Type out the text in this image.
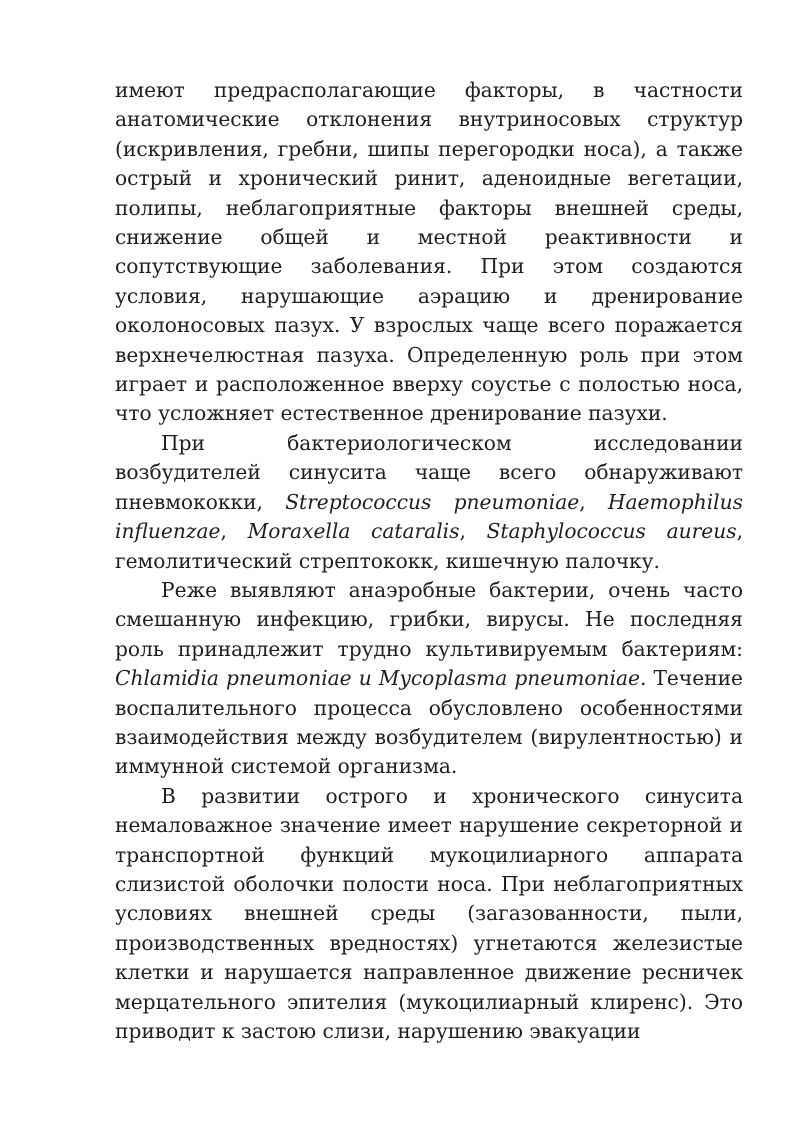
имеют предрасполагающие факторы, в частности анатомические отклонения внутриносовых структур (искривления, гребни, шипы перегородки носа), а также острый и хронический ринит, аденоидные вегетации, полипы, неблагоприятные факторы внешней среды, снижение общей и местной реактивности и сопутствующие заболевания. При этом создаются условия, нарушающие аэрацию и дренирование околоносовых пазух. У взрослых чаще всего поражается верхнечелюстная пазуха. Определенную роль при этом играет и расположенное вверху соустье с полостью носа, что усложняет естественное дренирование пазухи.

При бактериологическом исследовании возбудителей синусита чаще всего обнаруживают пневмококки, Streptococcus pneumoniae, Haemophilus influenzae, Moraxella cataralis, Staphylococcus aureus, гемолитический стрептококк, кишечную палочку.

Реже выявляют анаэробные бактерии, очень часто смешанную инфекцию, грибки, вирусы. Не последняя роль принадлежит трудно культивируемым бактериям: Chlamidia pneumoniae и Mycoplasma pneumoniae. Течение воспалительного процесса обусловлено особенностями взаимодействия между возбудителем (вирулентностью) и иммунной системой организма.

В развитии острого и хронического синусита немаловажное значение имеет нарушение секреторной и транспортной функций мукоцилиарного аппарата слизистой оболочки полости носа. При неблагоприятных условиях внешней среды (загазованности, пыли, производственных вредностях) угнетаются железистые клетки и нарушается направленное движение ресничек мерцательного эпителия (мукоцилиарный клиренс). Это приводит к застою слизи, нарушению эвакуации
